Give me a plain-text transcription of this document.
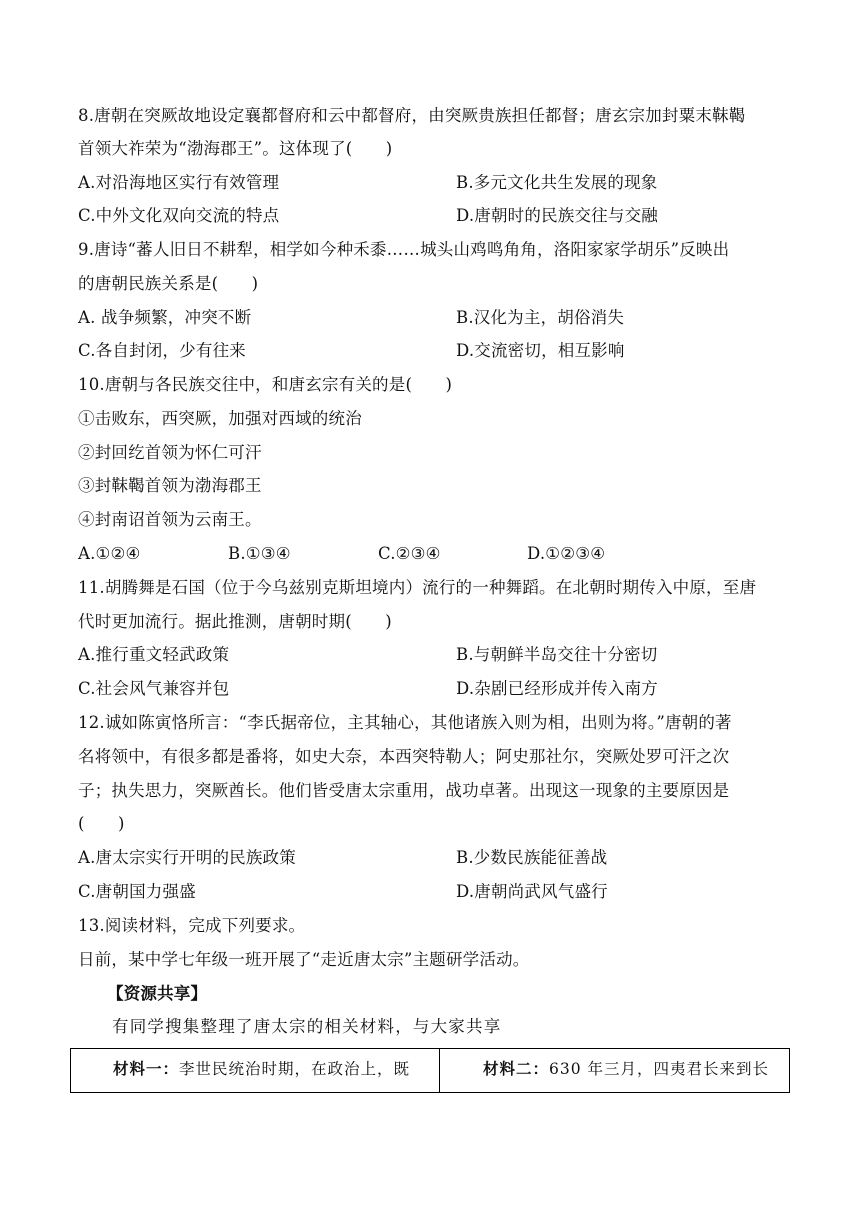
8.唐朝在突厥故地设定襄都督府和云中都督府，由突厥贵族担任都督；唐玄宗加封粟末靺鞨
首领大祚荣为“渤海郡王”。这体现了(　　)
A.对沿海地区实行有效管理	B.多元文化共生发展的现象
C.中外文化双向交流的特点	D.唐朝时的民族交往与交融
9.唐诗“蕃人旧日不耕犁，相学如今种禾黍……城头山鸡鸣角角，洛阳家家学胡乐”反映出
的唐朝民族关系是(　　)
A. 战争频繁，冲突不断	B.汉化为主，胡俗消失
C.各自封闭，少有往来	D.交流密切，相互影响
10.唐朝与各民族交往中，和唐玄宗有关的是(　　)
①击败东，西突厥，加强对西域的统治
②封回纥首领为怀仁可汗
③封靺鞨首领为渤海郡王
④封南诏首领为云南王。
A.①②④	B.①③④	C.②③④	D.①②③④
11.胡腾舞是石国（位于今乌兹别克斯坦境内）流行的一种舞蹈。在北朝时期传入中原，至唐
代时更加流行。据此推测，唐朝时期(　　)
A.推行重文轻武政策	B.与朝鲜半岛交往十分密切
C.社会风气兼容并包	D.杂剧已经形成并传入南方
12.诚如陈寅恪所言：“李氏据帝位，主其轴心，其他诸族入则为相，出则为将。”唐朝的著
名将领中，有很多都是番将，如史大奈，本西突特勒人；阿史那社尔，突厥处罗可汗之次
子；执失思力，突厥酋长。他们皆受唐太宗重用，战功卓著。出现这一现象的主要原因是
(　　)
A.唐太宗实行开明的民族政策	B.少数民族能征善战
C.唐朝国力强盛	D.唐朝尚武风气盛行
13.阅读材料，完成下列要求。
日前，某中学七年级一班开展了“走近唐太宗”主题研学活动。
【资源共享】
有同学搜集整理了唐太宗的相关材料，与大家共享
材料一：李世民统治时期，在政治上，既	材料二：630 年三月，四夷君长来到长
